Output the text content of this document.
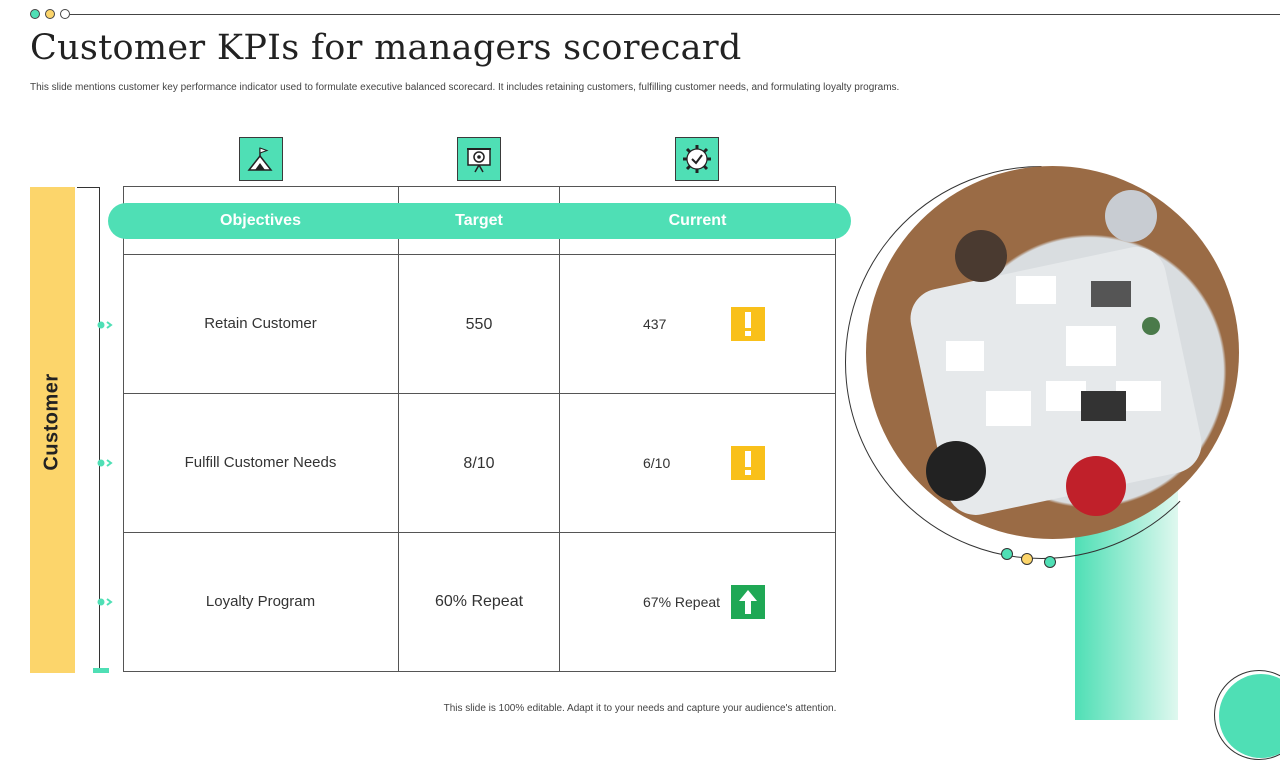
Customer KPIs for managers scorecard
This slide mentions customer key performance indicator used to formulate executive balanced scorecard. It includes retaining customers, fulfilling customer needs, and formulating loyalty programs.
Customer
Objectives	Target	Current
Retain Customer	550	437
Fulfill Customer Needs	8/10	6/10
Loyalty Program	60% Repeat	67% Repeat
This slide is 100% editable. Adapt it to your needs and capture your audience's attention.
